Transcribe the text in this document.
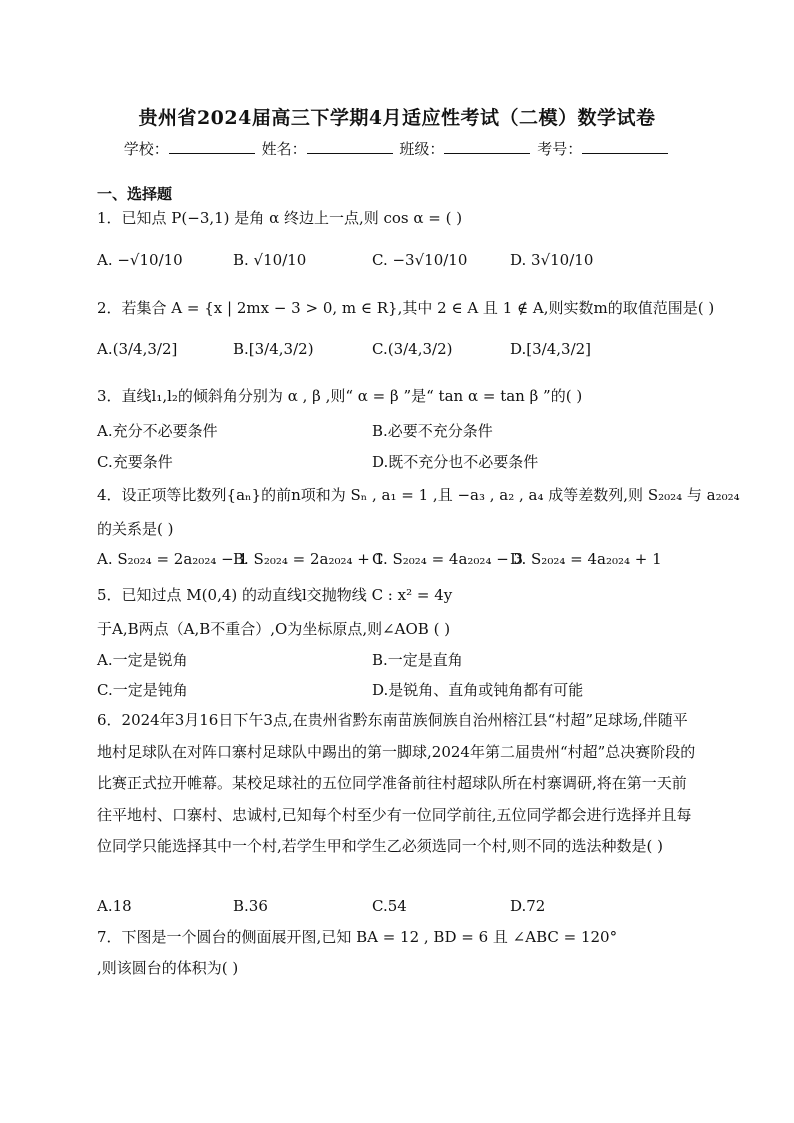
贵州省2024届高三下学期4月适应性考试（二模）数学试卷
学校：	姓名：	班级：	考号：
一、选择题
1．已知点 P(−3,1) 是角 α 终边上一点,则 cos α = ( )
A. −√10/10	B. √10/10	C. −3√10/10	D. 3√10/10
2．若集合 A = {x | 2mx − 3 > 0, m ∈ R},其中 2 ∈ A 且 1 ∉ A,则实数m的取值范围是( )
A.(3/4,3/2]	B.[3/4,3/2)	C.(3/4,3/2)	D.[3/4,3/2]
3．直线l₁,l₂的倾斜角分别为 α , β ,则“ α = β ”是“ tan α = tan β ”的( )
A.充分不必要条件	B.必要不充分条件
C.充要条件	D.既不充分也不必要条件
4．设正项等比数列{aₙ}的前n项和为 Sₙ , a₁ = 1 ,且 −a₃ , a₂ , a₄ 成等差数列,则 S₂₀₂₄ 与 a₂₀₂₄
的关系是( )
A. S₂₀₂₄ = 2a₂₀₂₄ − 1
B. S₂₀₂₄ = 2a₂₀₂₄ + 1
C. S₂₀₂₄ = 4a₂₀₂₄ − 3
D. S₂₀₂₄ = 4a₂₀₂₄ + 1
5．已知过点 M(0,4) 的动直线l交抛物线 C : x² = 4y
于A,B两点（A,B不重合）,O为坐标原点,则∠AOB ( )
A.一定是锐角	B.一定是直角
C.一定是钝角	D.是锐角、直角或钝角都有可能
6．2024年3月16日下午3点,在贵州省黔东南苗族侗族自治州榕江县“村超”足球场,伴随平地村足球队在对阵口寨村足球队中踢出的第一脚球,2024年第二届贵州“村超”总决赛阶段的比赛正式拉开帷幕。某校足球社的五位同学准备前往村超球队所在村寨调研,将在第一天前往平地村、口寨村、忠诚村,已知每个村至少有一位同学前往,五位同学都会进行选择并且每位同学只能选择其中一个村,若学生甲和学生乙必须选同一个村,则不同的选法种数是( )
A.18	B.36	C.54	D.72
7．下图是一个圆台的侧面展开图,已知 BA = 12 , BD = 6 且 ∠ABC = 120°
,则该圆台的体积为( )
